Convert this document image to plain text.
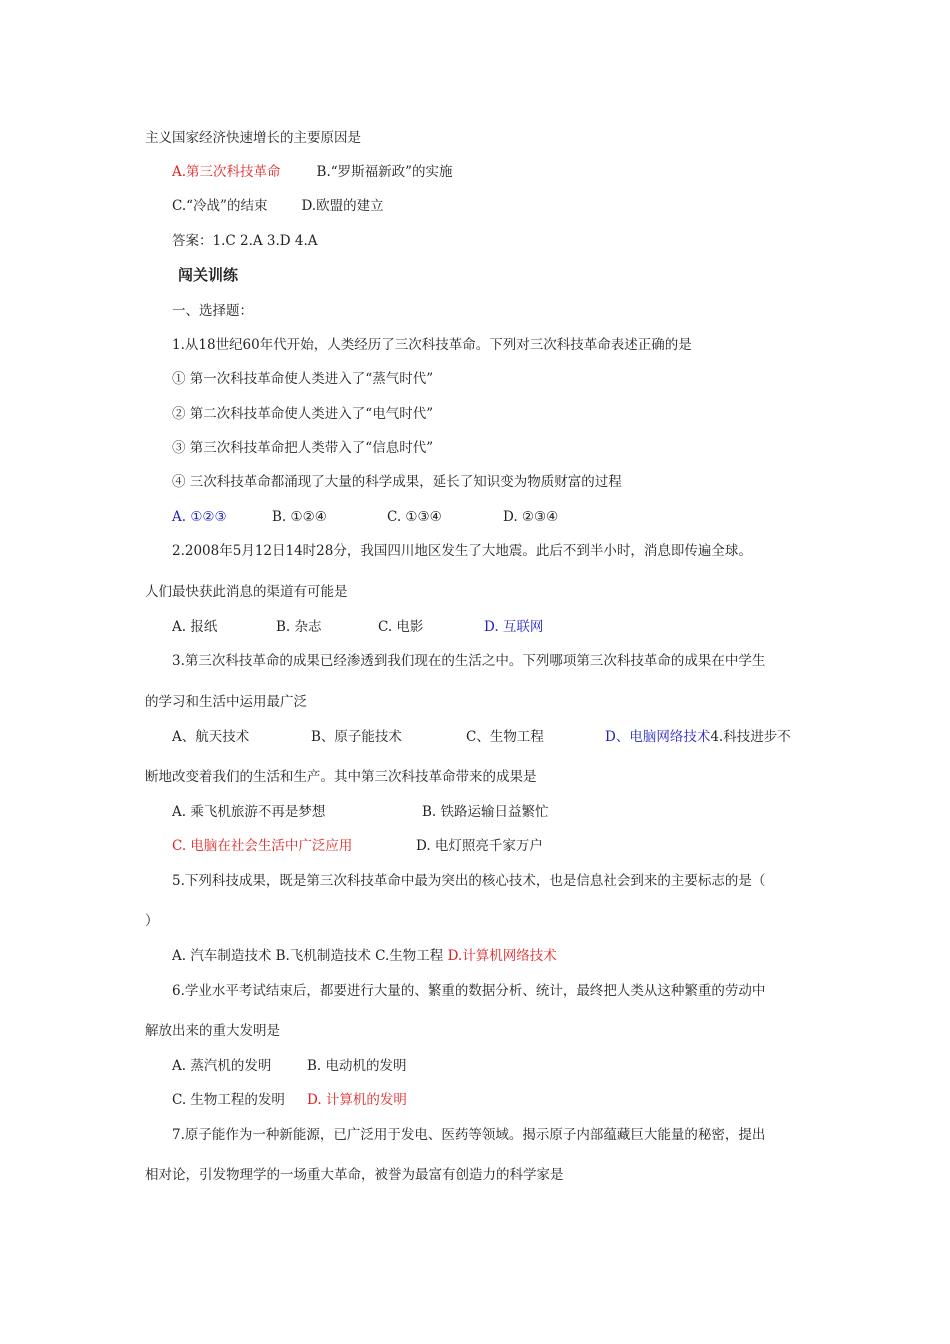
主义国家经济快速增长的主要原因是
A.第三次科技革命	B.“罗斯福新政”的实施
C.“冷战”的结束	D.欧盟的建立
答案：1.C 2.A 3.D 4.A
闯关训练
一、选择题：
1.从18世纪60年代开始，人类经历了三次科技革命。下列对三次科技革命表述正确的是
① 第一次科技革命使人类进入了“蒸气时代”
② 第二次科技革命使人类进入了“电气时代”
③ 第三次科技革命把人类带入了“信息时代”
④ 三次科技革命都涌现了大量的科学成果，延长了知识变为物质财富的过程
A. ①②③	B. ①②④	C. ①③④	D. ②③④
2.2008年5月12日14时28分，我国四川地区发生了大地震。此后不到半小时，消息即传遍全球。
人们最快获此消息的渠道有可能是
A. 报纸	B. 杂志	C. 电影	D. 互联网
3.第三次科技革命的成果已经渗透到我们现在的生活之中。下列哪项第三次科技革命的成果在中学生
的学习和生活中运用最广泛
A、航天技术	B、原子能技术	C、生物工程	D、电脑网络技术4.科技进步不
断地改变着我们的生活和生产。其中第三次科技革命带来的成果是
A. 乘飞机旅游不再是梦想	B. 铁路运输日益繁忙
C. 电脑在社会生活中广泛应用	D. 电灯照亮千家万户
5.下列科技成果，既是第三次科技革命中最为突出的核心技术，也是信息社会到来的主要标志的是（
）
A. 汽车制造技术 B.飞机制造技术 C.生物工程 D.计算机网络技术
6.学业水平考试结束后，都要进行大量的、繁重的数据分析、统计，最终把人类从这种繁重的劳动中
解放出来的重大发明是
A. 蒸汽机的发明	B. 电动机的发明
C. 生物工程的发明 D. 计算机的发明
7.原子能作为一种新能源，已广泛用于发电、医药等领域。揭示原子内部蕴藏巨大能量的秘密，提出
相对论，引发物理学的一场重大革命，被誉为最富有创造力的科学家是
